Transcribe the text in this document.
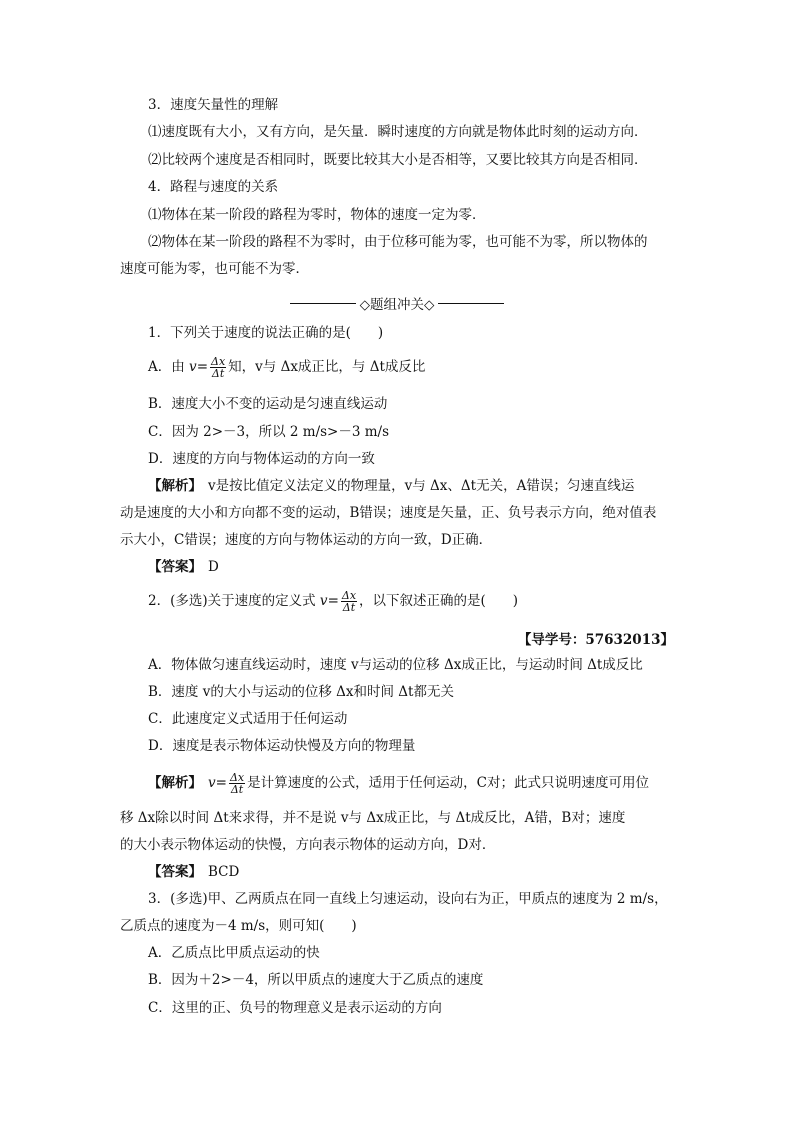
3．速度矢量性的理解
⑴速度既有大小，又有方向，是矢量．瞬时速度的方向就是物体此时刻的运动方向．
⑵比较两个速度是否相同时，既要比较其大小是否相等，又要比较其方向是否相同．
4．路程与速度的关系
⑴物体在某一阶段的路程为零时，物体的速度一定为零．
⑵物体在某一阶段的路程不为零时，由于位移可能为零，也可能不为零，所以物体的
速度可能为零，也可能不为零．
◇题组冲关◇
1．下列关于速度的说法正确的是(　　)
A．由 $v= \frac{\Delta x}{\Delta t}$ 知，v与 Δx成正比，与 Δt成反比
B．速度大小不变的运动是匀速直线运动
C．因为 2>－3，所以 2 m/s>－3 m/s
D．速度的方向与物体运动的方向一致
【解析】 v是按比值定义法定义的物理量，v与 Δx、Δt无关，A错误；匀速直线运
动是速度的大小和方向都不变的运动，B错误；速度是矢量，正、负号表示方向，绝对值表
示大小，C错误；速度的方向与物体运动的方向一致，D正确．
【答案】 D
2．(多选)关于速度的定义式 $v= \frac{\Delta x}{\Delta t}$ ，以下叙述正确的是(　　)
【导学号：57632013】
A．物体做匀速直线运动时，速度 v与运动的位移 Δx成正比，与运动时间 Δt成反比
B．速度 v的大小与运动的位移 Δx和时间 Δt都无关
C．此速度定义式适用于任何运动
D．速度是表示物体运动快慢及方向的物理量
【解析】 $v= \frac{\Delta x}{\Delta t}$ 是计算速度的公式，适用于任何运动，C对；此式只说明速度可用位
移 Δx除以时间 Δt来求得，并不是说 v与 Δx成正比，与 Δt成反比，A错，B对；速度
的大小表示物体运动的快慢，方向表示物体的运动方向，D对．
【答案】 BCD
3．(多选)甲、乙两质点在同一直线上匀速运动，设向右为正，甲质点的速度为 2 m/s，
乙质点的速度为－4 m/s，则可知(　　)
A．乙质点比甲质点运动的快
B．因为＋2>－4，所以甲质点的速度大于乙质点的速度
C．这里的正、负号的物理意义是表示运动的方向
